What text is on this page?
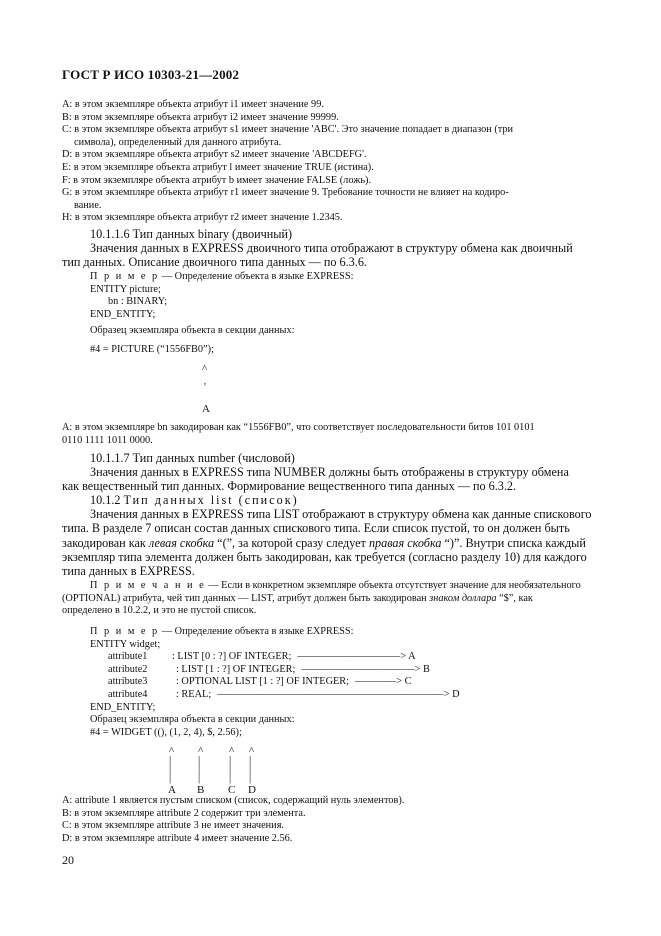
ГОСТ Р ИСО 10303-21—2002
A: в этом экземпляре объекта атрибут i1 имеет значение 99.
B: в этом экземпляре объекта атрибут i2 имеет значение 99999.
C: в этом экземпляре объекта атрибут s1 имеет значение 'ABC'. Это значение попадает в диапазон (три
символа), определенный для данного атрибута.
D: в этом экземпляре объекта атрибут s2 имеет значение 'ABCDEFG'.
E: в этом экземпляре объекта атрибут l имеет значение TRUE (истина).
F: в этом экземпляре объекта атрибут b имеет значение FALSE (ложь).
G: в этом экземпляре объекта атрибут r1 имеет значение 9. Требование точности не влияет на кодиро-
вание.
H: в этом экземпляре объекта атрибут r2 имеет значение 1.2345.
10.1.1.6 Тип данных binary (двоичный)
Значения данных в EXPRESS двоичного типа отображают в структуру обмена как двоичный
тип данных. Описание двоичного типа данных — по 6.3.6.
П р и м е р — Определение объекта в языке EXPRESS:
ENTITY picture;
bn : BINARY;
END_ENTITY;
Образец экземпляра объекта в секции данных:
#4 = PICTURE (“1556FB0”);
^
'
A
A: в этом экземпляре bn закодирован как “1556FB0”, что соответствует последовательности битов 101 0101
0110 1111 1011 0000.
10.1.1.7 Тип данных number (числовой)
Значения данных в EXPRESS типа NUMBER должны быть отображены в структуру обмена
как вещественный тип данных. Формирование вещественного типа данных — по 6.3.2.
10.1.2 Тип данных list (список)
Значения данных в EXPRESS типа LIST отображают в структуру обмена как данные спискового
типа. В разделе 7 описан состав данных спискового типа. Если список пустой, то он должен быть
закодирован как левая скобка “(”, за которой сразу следует правая скобка “)”. Внутри списка каждый
экземпляр типа элемента должен быть закодирован, как требуется (согласно разделу 10) для каждого
типа данных в EXPRESS.
П р и м е ч а н и е — Если в конкретном экземпляре объекта отсутствует значение для необязательного
(OPTIONAL) атрибута, чей тип данных — LIST, атрибут должен быть закодирован знаком доллара “$”, как
определено в 10.2.2, и это не пустой список.
П р и м е р — Определение объекта в языке EXPRESS:
ENTITY widget;
attribute1	: LIST [0 : ?] OF INTEGER; ——————————> A
attribute2	: LIST [1 : ?] OF INTEGER; ———————————> B
attribute3	: OPTIONAL LIST [1 : ?] OF INTEGER; ————> C
attribute4	: REAL; ——————————————————————> D
END_ENTITY;
Образец экземпляра объекта в секции данных:
#4 = WIDGET ((), (1, 2, 4), $, 2.56);
^
|
|
|
^
|
|
|
^
|
|
|
^
|
|
|
A B C D
A: attribute 1 является пустым списком (список, содержащий нуль элементов).
B: в этом экземпляре attribute 2 содержит три элемента.
C: в этом экземпляре attribute 3 не имеет значения.
D: в этом экземпляре attribute 4 имеет значение 2.56.
20
